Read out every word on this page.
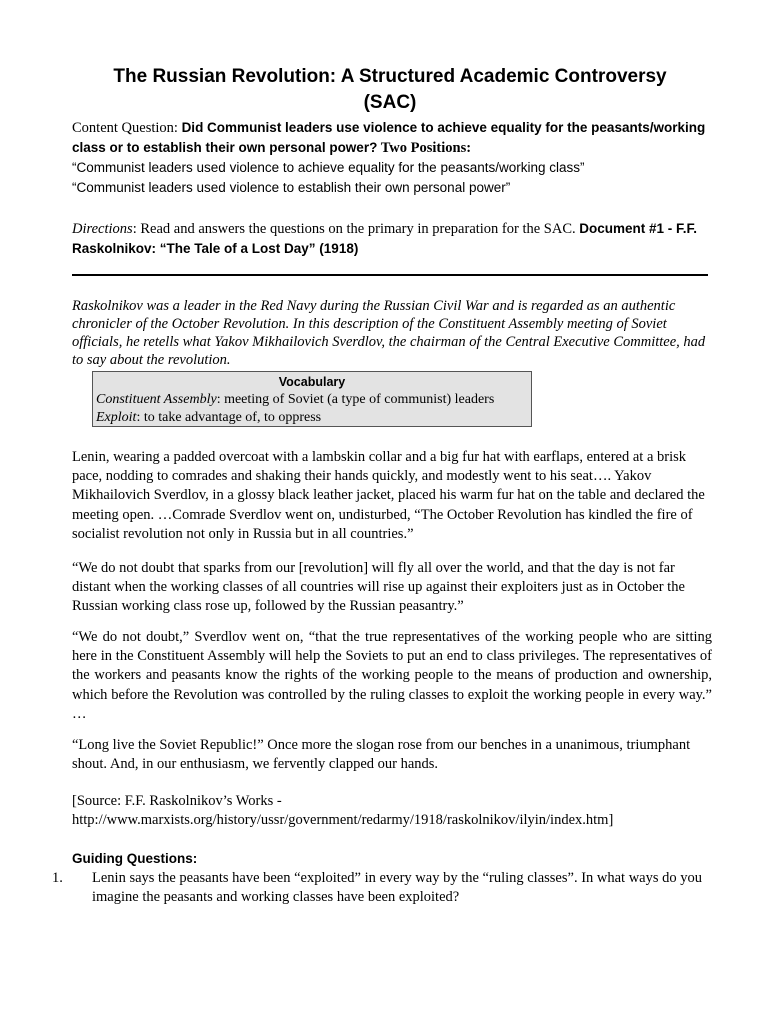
The Russian Revolution: A Structured Academic Controversy
(SAC)
Content Question: Did Communist leaders use violence to achieve equality for the peasants/working class or to establish their own personal power? Two Positions:
“Communist leaders used violence to achieve equality for the peasants/working class”
“Communist leaders used violence to establish their own personal power”
Directions: Read and answers the questions on the primary in preparation for the SAC. Document #1 - F.F. Raskolnikov: “The Tale of a Lost Day” (1918)
Raskolnikov was a leader in the Red Navy during the Russian Civil War and is regarded as an authentic chronicler of the October Revolution. In this description of the Constituent Assembly meeting of Soviet officials, he retells what Yakov Mikhailovich Sverdlov, the chairman of the Central Executive Committee, had to say about the revolution.
Vocabulary
Constituent Assembly: meeting of Soviet (a type of communist) leaders
Exploit: to take advantage of, to oppress
Lenin, wearing a padded overcoat with a lambskin collar and a big fur hat with earflaps, entered at a brisk pace, nodding to comrades and shaking their hands quickly, and modestly went to his seat…. Yakov Mikhailovich Sverdlov, in a glossy black leather jacket, placed his warm fur hat on the table and declared the meeting open. …Comrade Sverdlov went on, undisturbed, “The October Revolution has kindled the fire of socialist revolution not only in Russia but in all countries.”
“We do not doubt that sparks from our [revolution] will fly all over the world, and that the day is not far distant when the working classes of all countries will rise up against their exploiters just as in October the Russian working class rose up, followed by the Russian peasantry.”
“We do not doubt,” Sverdlov went on, “that the true representatives of the working people who are sitting here in the Constituent Assembly will help the Soviets to put an end to class privileges. The representatives of the workers and peasants know the rights of the working people to the means of production and ownership, which before the Revolution was controlled by the ruling classes to exploit the working people in every way.” …
“Long live the Soviet Republic!” Once more the slogan rose from our benches in a unanimous, triumphant shout. And, in our enthusiasm, we fervently clapped our hands.
[Source: F.F. Raskolnikov’s Works -
http://www.marxists.org/history/ussr/government/redarmy/1918/raskolnikov/ilyin/index.htm]
Guiding Questions:
1. Lenin says the peasants have been “exploited” in every way by the “ruling classes”. In what ways do you imagine the peasants and working classes have been exploited?
